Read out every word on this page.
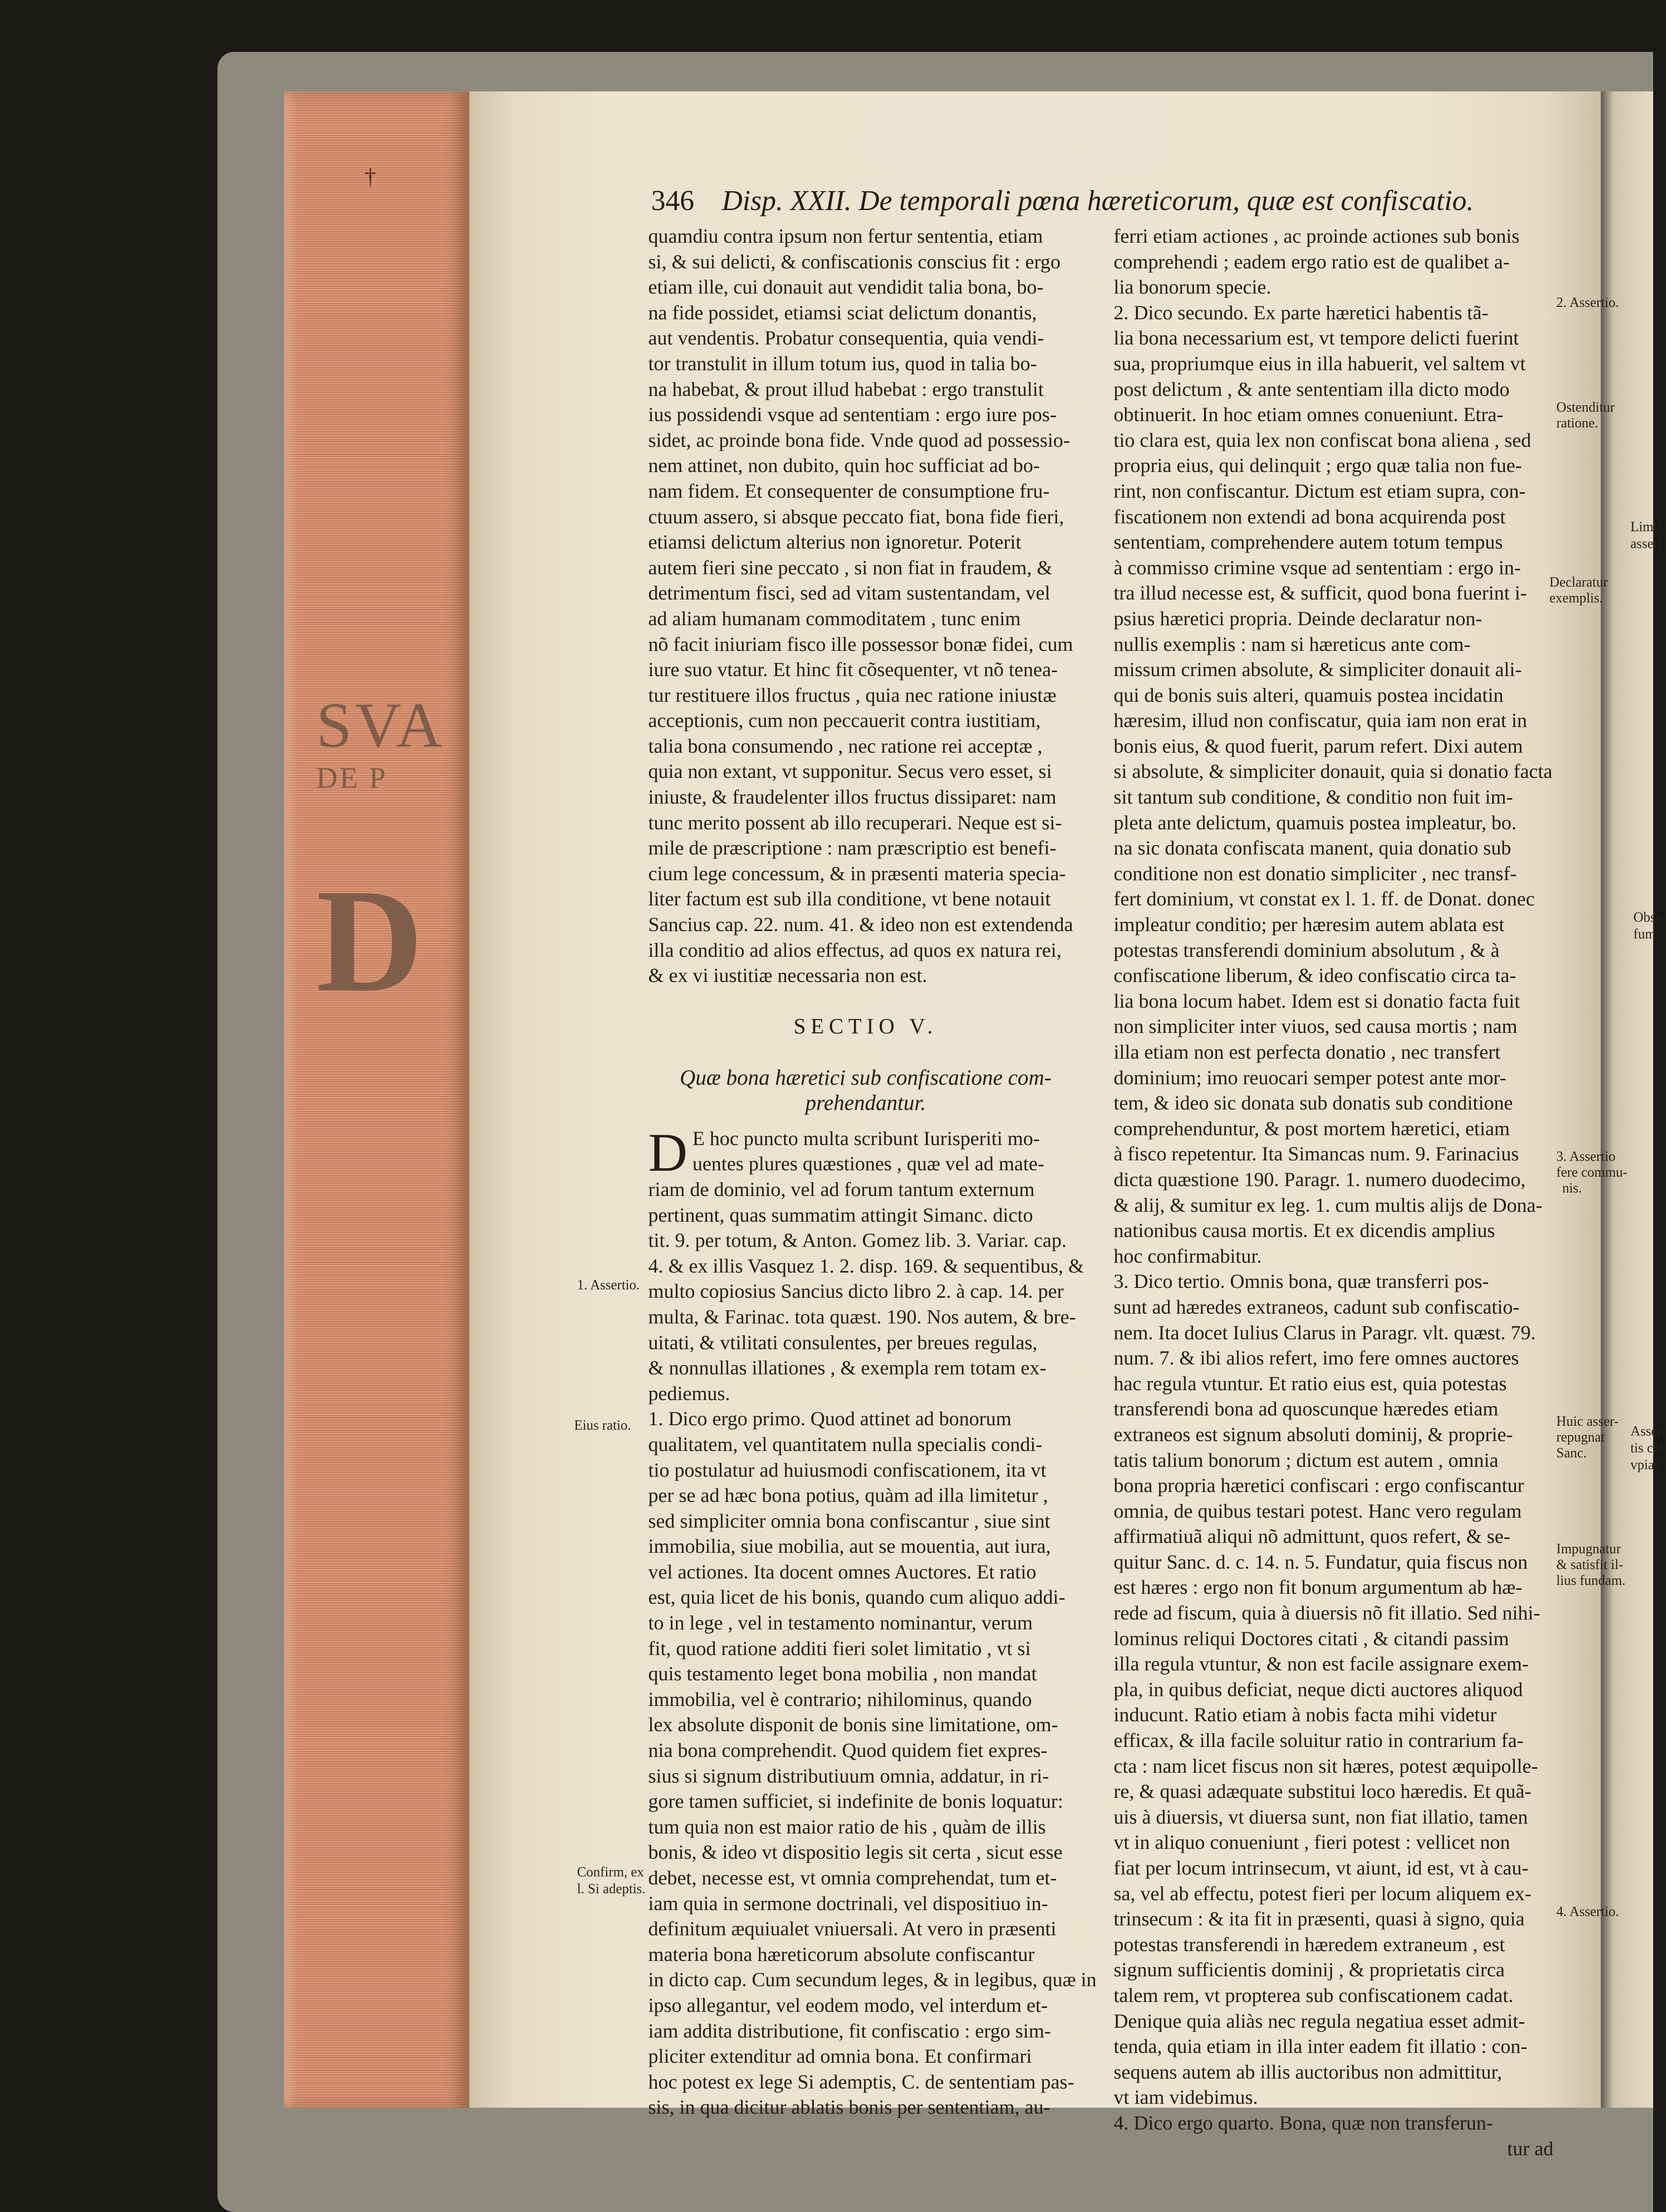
SVA
DE P
D
†
346 Disp. XXII. De temporali pœna hæreticorum, quæ est confiscatio.
quamdiu contra ipsum non fertur sententia, etiam
si, & sui delicti, & confiscationis conscius fit : ergo
etiam ille, cui donauit aut vendidit talia bona, bo-
na fide possidet, etiamsi sciat delictum donantis,
aut vendentis. Probatur consequentia, quia vendi-
tor transtulit in illum totum ius, quod in talia bo-
na habebat, & prout illud habebat : ergo transtulit
ius possidendi vsque ad sententiam : ergo iure pos-
sidet, ac proinde bona fide. Vnde quod ad possessio-
nem attinet, non dubito, quin hoc sufficiat ad bo-
nam fidem. Et consequenter de consumptione fru-
ctuum assero, si absque peccato fiat, bona fide fieri,
etiamsi delictum alterius non ignoretur. Poterit
autem fieri sine peccato , si non fiat in fraudem, &
detrimentum fisci, sed ad vitam sustentandam, vel
ad aliam humanam commoditatem , tunc enim
nõ facit iniuriam fisco ille possessor bonæ fidei, cum
iure suo vtatur. Et hinc fit cõsequenter, vt nõ tenea-
tur restituere illos fructus , quia nec ratione iniustæ
acceptionis, cum non peccauerit contra iustitiam,
talia bona consumendo , nec ratione rei acceptæ ,
quia non extant, vt supponitur. Secus vero esset, si
iniuste, & fraudelenter illos fructus dissiparet: nam
tunc merito possent ab illo recuperari. Neque est si-
mile de præscriptione : nam præscriptio est benefi-
cium lege concessum, & in præsenti materia specia-
liter factum est sub illa conditione, vt bene notauit
Sancius cap. 22. num. 41. & ideo non est extendenda
illa conditio ad alios effectus, ad quos ex natura rei,
& ex vi iustitiæ necessaria non est.
SECTIO V.
Quæ bona hæretici sub confiscatione com-
prehendantur.
D E hoc puncto multa scribunt Iurisperiti mo-
uentes plures quæstiones , quæ vel ad mate-
riam de dominio, vel ad forum tantum externum
pertinent, quas summatim attingit Simanc. dicto
tit. 9. per totum, & Anton. Gomez lib. 3. Variar. cap.
4. & ex illis Vasquez 1. 2. disp. 169. & sequentibus, &
multo copiosius Sancius dicto libro 2. à cap. 14. per
multa, & Farinac. tota quæst. 190. Nos autem, & bre-
uitati, & vtilitati consulentes, per breues regulas,
& nonnullas illationes , & exempla rem totam ex-
pediemus.
1. Dico ergo primo. Quod attinet ad bonorum
qualitatem, vel quantitatem nulla specialis condi-
tio postulatur ad huiusmodi confiscationem, ita vt
per se ad hæc bona potius, quàm ad illa limitetur ,
sed simpliciter omnia bona confiscantur , siue sint
immobilia, siue mobilia, aut se mouentia, aut iura,
vel actiones. Ita docent omnes Auctores. Et ratio
est, quia licet de his bonis, quando cum aliquo addi-
to in lege , vel in testamento nominantur, verum
fit, quod ratione additi fieri solet limitatio , vt si
quis testamento leget bona mobilia , non mandat
immobilia, vel è contrario; nihilominus, quando
lex absolute disponit de bonis sine limitatione, om-
nia bona comprehendit. Quod quidem fiet expres-
sius si signum distributiuum omnia, addatur, in ri-
gore tamen sufficiet, si indefinite de bonis loquatur:
tum quia non est maior ratio de his , quàm de illis
bonis, & ideo vt dispositio legis sit certa , sicut esse
debet, necesse est, vt omnia comprehendat, tum et-
iam quia in sermone doctrinali, vel dispositiuo in-
definitum æquiualet vniuersali. At vero in præsenti
materia bona hæreticorum absolute confiscantur
in dicto cap. Cum secundum leges, & in legibus, quæ in
ipso allegantur, vel eodem modo, vel interdum et-
iam addita distributione, fit confiscatio : ergo sim-
pliciter extenditur ad omnia bona. Et confirmari
hoc potest ex lege Si ademptis, C. de sententiam pas-
sis, in qua dicitur ablatis bonis per sententiam, au-
ferri etiam actiones , ac proinde actiones sub bonis
comprehendi ; eadem ergo ratio est de qualibet a-
lia bonorum specie.
2. Dico secundo. Ex parte hæretici habentis tã-
lia bona necessarium est, vt tempore delicti fuerint
sua, propriumque eius in illa habuerit, vel saltem vt
post delictum , & ante sententiam illa dicto modo
obtinuerit. In hoc etiam omnes conueniunt. Etra-
tio clara est, quia lex non confiscat bona aliena , sed
propria eius, qui delinquit ; ergo quæ talia non fue-
rint, non confiscantur. Dictum est etiam supra, con-
fiscationem non extendi ad bona acquirenda post
sententiam, comprehendere autem totum tempus
à commisso crimine vsque ad sententiam : ergo in-
tra illud necesse est, & sufficit, quod bona fuerint i-
psius hæretici propria. Deinde declaratur non-
nullis exemplis : nam si hæreticus ante com-
missum crimen absolute, & simpliciter donauit ali-
qui de bonis suis alteri, quamuis postea incidatin
hæresim, illud non confiscatur, quia iam non erat in
bonis eius, & quod fuerit, parum refert. Dixi autem
si absolute, & simpliciter donauit, quia si donatio facta
sit tantum sub conditione, & conditio non fuit im-
pleta ante delictum, quamuis postea impleatur, bo.
na sic donata confiscata manent, quia donatio sub
conditione non est donatio simpliciter , nec transf-
fert dominium, vt constat ex l. 1. ff. de Donat. donec
impleatur conditio; per hæresim autem ablata est
potestas transferendi dominium absolutum , & à
confiscatione liberum, & ideo confiscatio circa ta-
lia bona locum habet. Idem est si donatio facta fuit
non simpliciter inter viuos, sed causa mortis ; nam
illa etiam non est perfecta donatio , nec transfert
dominium; imo reuocari semper potest ante mor-
tem, & ideo sic donata sub donatis sub conditione
comprehenduntur, & post mortem hæretici, etiam
à fisco repetentur. Ita Simancas num. 9. Farinacius
dicta quæstione 190. Paragr. 1. numero duodecimo,
& alij, & sumitur ex leg. 1. cum multis alijs de Dona-
nationibus causa mortis. Et ex dicendis amplius
hoc confirmabitur.
3. Dico tertio. Omnis bona, quæ transferri pos-
sunt ad hæredes extraneos, cadunt sub confiscatio-
nem. Ita docet Iulius Clarus in Paragr. vlt. quæst. 79.
num. 7. & ibi alios refert, imo fere omnes auctores
hac regula vtuntur. Et ratio eius est, quia potestas
transferendi bona ad quoscunque hæredes etiam
extraneos est signum absoluti dominij, & proprie-
tatis talium bonorum ; dictum est autem , omnia
bona propria hæretici confiscari : ergo confiscantur
omnia, de quibus testari potest. Hanc vero regulam
affirmatiuã aliqui nõ admittunt, quos refert, & se-
quitur Sanc. d. c. 14. n. 5. Fundatur, quia fiscus non
est hæres : ergo non fit bonum argumentum ab hæ-
rede ad fiscum, quia à diuersis nõ fit illatio. Sed nihi-
lominus reliqui Doctores citati , & citandi passim
illa regula vtuntur, & non est facile assignare exem-
pla, in quibus deficiat, neque dicti auctores aliquod
inducunt. Ratio etiam à nobis facta mihi videtur
efficax, & illa facile soluitur ratio in contrarium fa-
cta : nam licet fiscus non sit hæres, potest æquipolle-
re, & quasi adæquate substitui loco hæredis. Et quã-
uis à diuersis, vt diuersa sunt, non fiat illatio, tamen
vt in aliquo conueniunt , fieri potest : vellicet non
fiat per locum intrinsecum, vt aiunt, id est, vt à cau-
sa, vel ab effectu, potest fieri per locum aliquem ex-
trinsecum : & ita fit in præsenti, quasi à signo, quia
potestas transferendi in hæredem extraneum , est
signum sufficientis dominij , & proprietatis circa
talem rem, vt propterea sub confiscationem cadat.
Denique quia aliàs nec regula negatiua esset admit-
tenda, quia etiam in illa inter eadem fit illatio : con-
sequens autem ab illis auctoribus non admittitur,
vt iam videbimus.
4. Dico ergo quarto. Bona, quæ non transferun-
tur ad
1. Assertio.
Eius ratio.
Confirm, ex
l. Si adeptis.
2. Assertio.
Ostenditur
ratione.
Declaratur
exemplis.
3. Assertio
fere commu-
nis.
Huic asser-
repugnat
Sanc.
Impugnatur
& satisfit il-
lius fundam.
4. Assertio.
Limit
asseri
Obse
fum
Asseri
tis cal
vpian
